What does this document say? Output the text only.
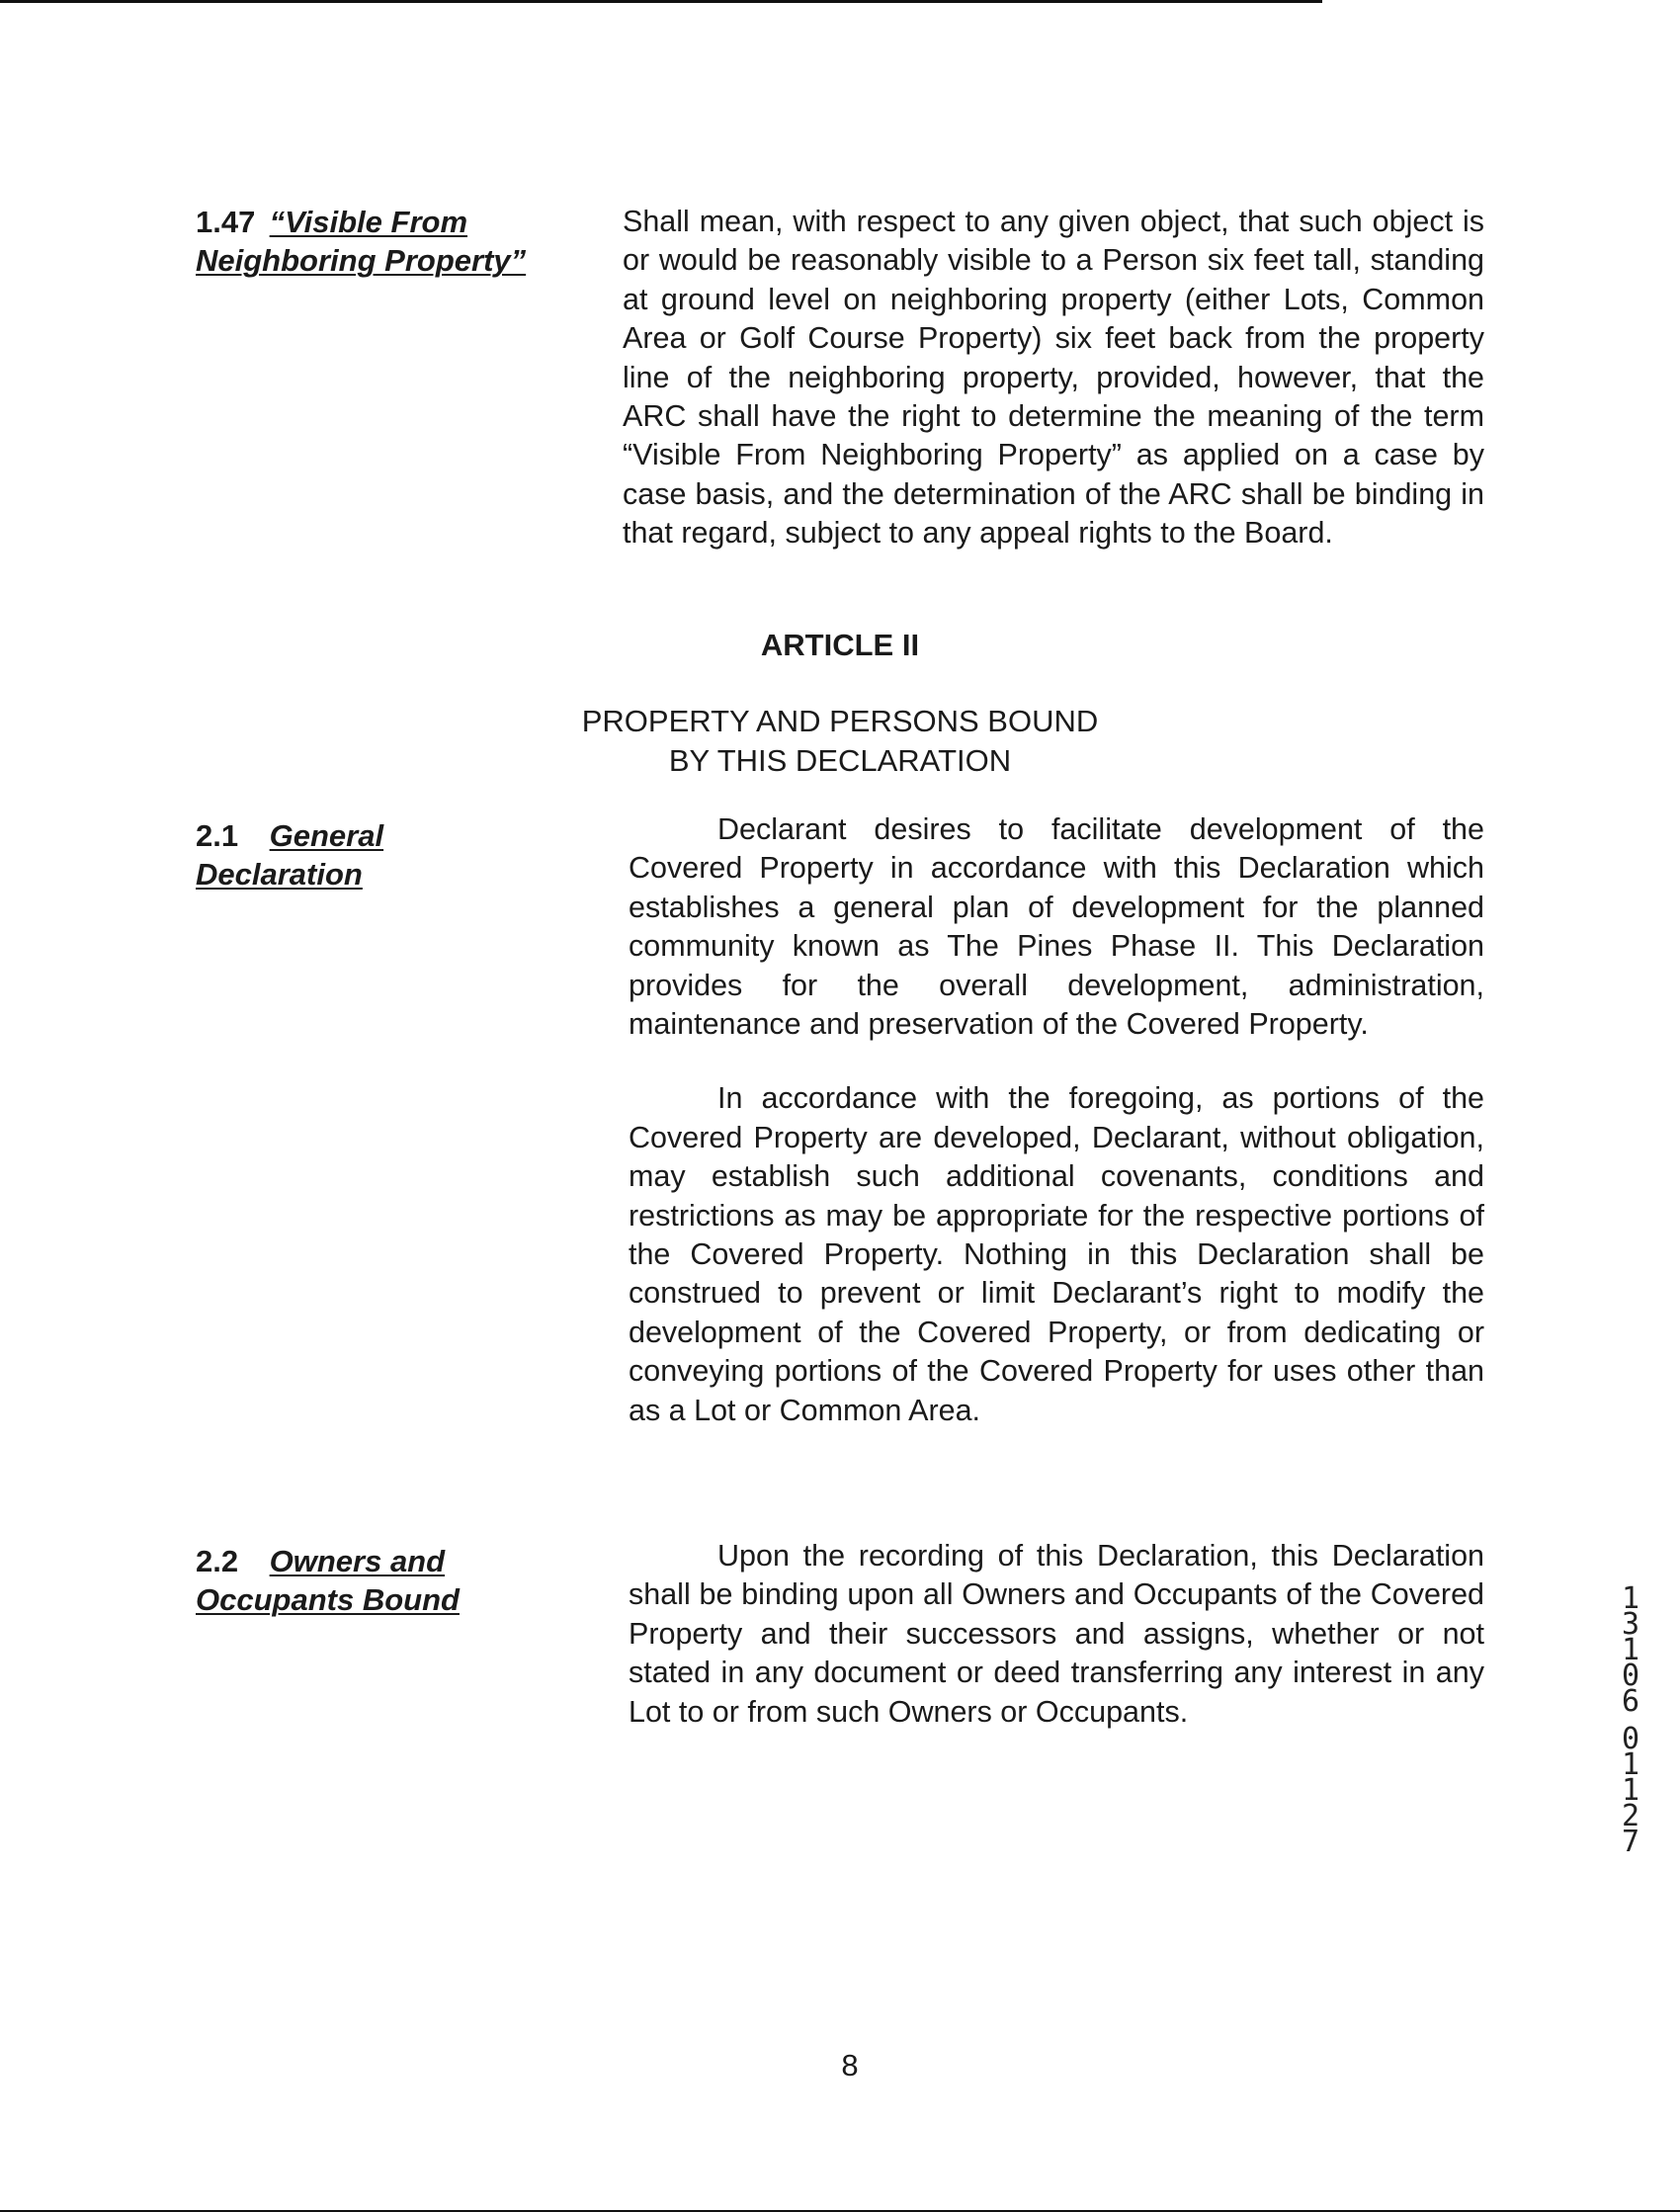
1.47 “Visible From
Neighboring Property”

Shall mean, with respect to any given object, that such object is or would be reasonably visible to a Person six feet tall, standing at ground level on neighboring property (either Lots, Common Area or Golf Course Property) six feet back from the property line of the neighboring property, provided, however, that the ARC shall have the right to determine the meaning of the term “Visible From Neighboring Property” as applied on a case by case basis, and the determination of the ARC shall be binding in that regard, subject to any appeal rights to the Board.

ARTICLE II
PROPERTY AND PERSONS BOUND
BY THIS DECLARATION
2.1 General
Declaration

Declarant desires to facilitate development of the Covered Property in accordance with this Declaration which establishes a general plan of development for the planned community known as The Pines Phase II. This Declaration provides for the overall development, administration, maintenance and preservation of the Covered Property.

In accordance with the foregoing, as portions of the Covered Property are developed, Declarant, without obligation, may establish such additional covenants, conditions and restrictions as may be appropriate for the respective portions of the Covered Property. Nothing in this Declaration shall be construed to prevent or limit Declarant’s right to modify the development of the Covered Property, or from dedicating or conveying portions of the Covered Property for uses other than as a Lot or Common Area.

2.2 Owners and
Occupants Bound

Upon the recording of this Declaration, this Declaration shall be binding upon all Owners and Occupants of the Covered Property and their successors and assigns, whether or not stated in any document or deed transferring any interest in any Lot to or from such Owners or Occupants.

1
3
1
0
6
0
1
1
2
7
8
